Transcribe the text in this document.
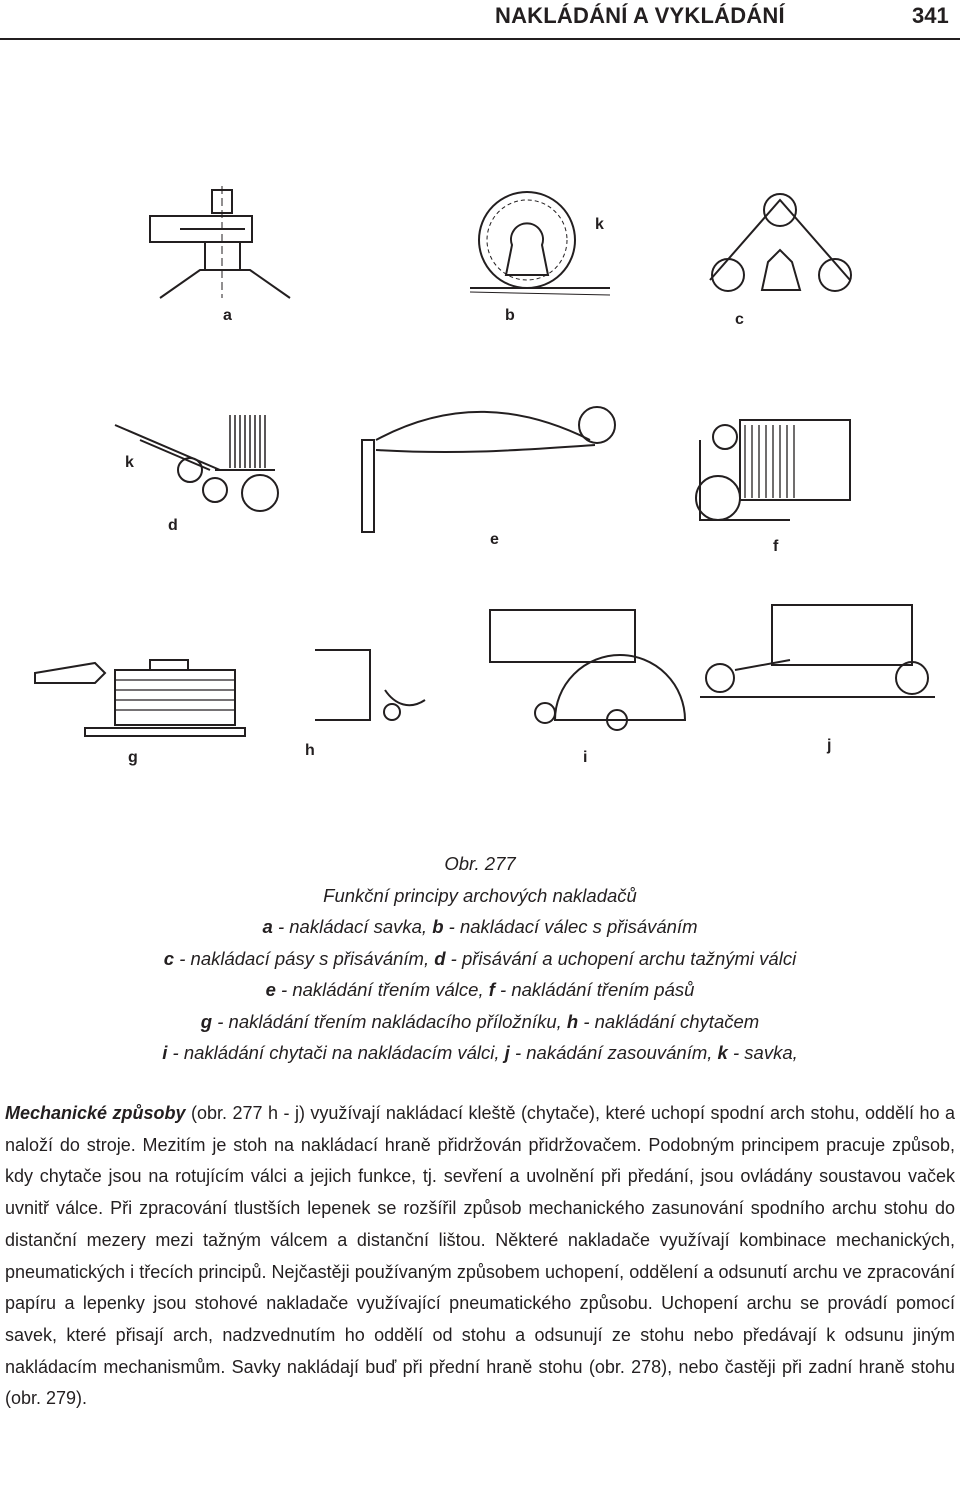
NAKLÁDÁNÍ A VYKLÁDÁNÍ	341
a	b	c
k
k
d
e	f
g	h	i
j
Obr. 277
Funkční principy archových nakladačů
a - nakládací savka, b - nakládací válec s přisáváním
c - nakládací pásy s přisáváním, d - přisávání a uchopení archu tažnými válci
e - nakládání třením válce, f - nakládání třením pásů
g - nakládání třením nakládacího příložníku, h - nakládání chytačem
i - nakládání chytači na nakládacím válci, j - nakádání zasouváním, k - savka,

Mechanické způsoby (obr. 277 h - j) využívají nakládací kleště (chytače), které uchopí spodní arch stohu, oddělí ho a naloží do stroje. Mezitím je stoh na nakládací hraně přidržován přidržovačem. Podobným principem pracuje způsob, kdy chytače jsou na rotujícím válci a jejich funkce, tj. sevření a uvolnění při předání, jsou ovládány soustavou vaček uvnitř válce. Při zpracování tlustších lepenek se rozšířil způsob mechanického zasunování spodního archu stohu do distanční mezery mezi tažným válcem a distanční lištou. Některé nakladače využívají kombinace mechanických, pneumatických i třecích principů. Nejčastěji používaným způsobem uchopení, oddělení a odsunutí archu ve zpracování papíru a lepenky jsou stohové nakladače využívající pneumatického způsobu. Uchopení archu se provádí pomocí savek, které přisají arch, nadzvednutím ho oddělí od stohu a odsunují ze stohu nebo předávají k odsunu jiným nakládacím mechanismům. Savky nakládají buď při přední hraně stohu (obr. 278), nebo častěji při zadní hraně stohu (obr. 279).
